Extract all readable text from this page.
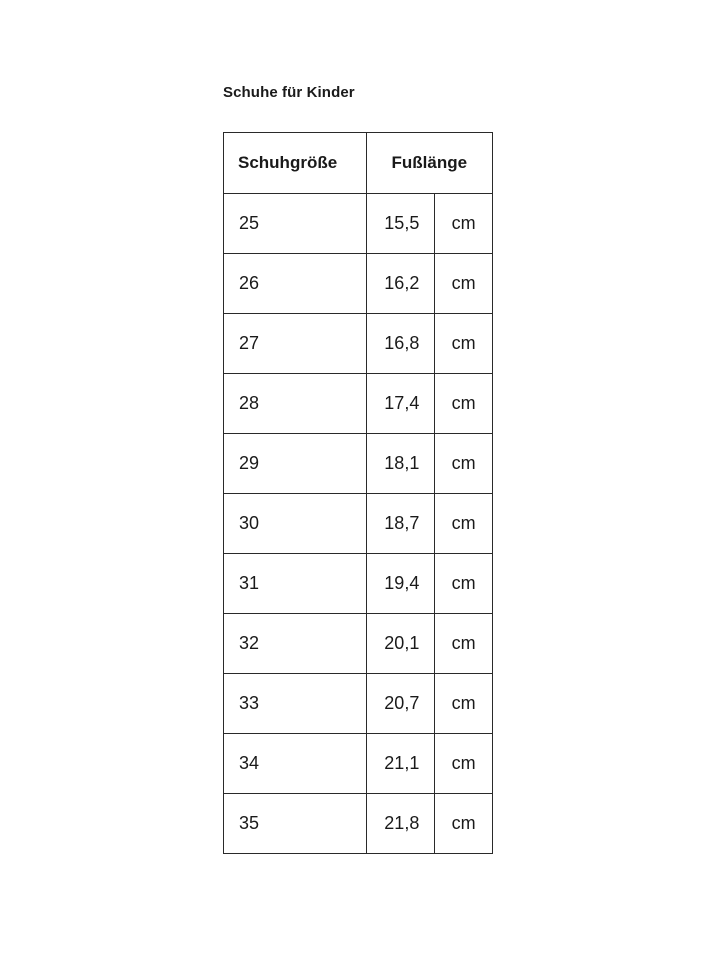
Schuhe für Kinder
Schuhgröße	Fußlänge	
25	15,5	cm
26	16,2	cm
27	16,8	cm
28	17,4	cm
29	18,1	cm
30	18,7	cm
31	19,4	cm
32	20,1	cm
33	20,7	cm
34	21,1	cm
35	21,8	cm
